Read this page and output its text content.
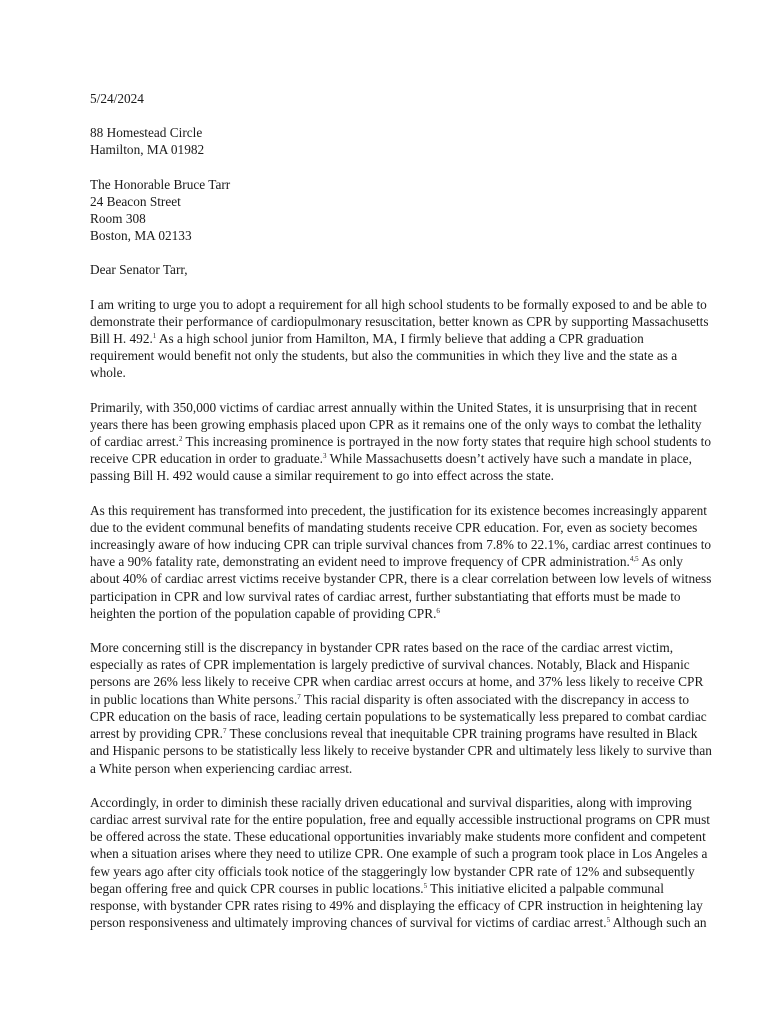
5/24/2024
88 Homestead Circle
Hamilton, MA 01982
The Honorable Bruce Tarr
24 Beacon Street
Room 308
Boston, MA 02133
Dear Senator Tarr,
I am writing to urge you to adopt a requirement for all high school students to be formally exposed to and be able to
demonstrate their performance of cardiopulmonary resuscitation, better known as CPR by supporting Massachusetts
Bill H. 492.$^1$ As a high school junior from Hamilton, MA, I firmly believe that adding a CPR graduation
requirement would benefit not only the students, but also the communities in which they live and the state as a
whole.
Primarily, with 350,000 victims of cardiac arrest annually within the United States, it is unsurprising that in recent
years there has been growing emphasis placed upon CPR as it remains one of the only ways to combat the lethality
of cardiac arrest.$^2$ This increasing prominence is portrayed in the now forty states that require high school students to
receive CPR education in order to graduate.$^3$ While Massachusetts doesn’t actively have such a mandate in place,
passing Bill H. 492 would cause a similar requirement to go into effect across the state.
As this requirement has transformed into precedent, the justification for its existence becomes increasingly apparent
due to the evident communal benefits of mandating students receive CPR education. For, even as society becomes
increasingly aware of how inducing CPR can triple survival chances from 7.8% to 22.1%, cardiac arrest continues to
have a 90% fatality rate, demonstrating an evident need to improve frequency of CPR administration.$^{4,5}$ As only
about 40% of cardiac arrest victims receive bystander CPR, there is a clear correlation between low levels of witness
participation in CPR and low survival rates of cardiac arrest, further substantiating that efforts must be made to
heighten the portion of the population capable of providing CPR.$^6$
More concerning still is the discrepancy in bystander CPR rates based on the race of the cardiac arrest victim,
especially as rates of CPR implementation is largely predictive of survival chances. Notably, Black and Hispanic
persons are 26% less likely to receive CPR when cardiac arrest occurs at home, and 37% less likely to receive CPR
in public locations than White persons.$^7$ This racial disparity is often associated with the discrepancy in access to
CPR education on the basis of race, leading certain populations to be systematically less prepared to combat cardiac
arrest by providing CPR.$^7$ These conclusions reveal that inequitable CPR training programs have resulted in Black
and Hispanic persons to be statistically less likely to receive bystander CPR and ultimately less likely to survive than
a White person when experiencing cardiac arrest.
Accordingly, in order to diminish these racially driven educational and survival disparities, along with improving
cardiac arrest survival rate for the entire population, free and equally accessible instructional programs on CPR must
be offered across the state. These educational opportunities invariably make students more confident and competent
when a situation arises where they need to utilize CPR. One example of such a program took place in Los Angeles a
few years ago after city officials took notice of the staggeringly low bystander CPR rate of 12% and subsequently
began offering free and quick CPR courses in public locations.$^5$ This initiative elicited a palpable communal
response, with bystander CPR rates rising to 49% and displaying the efficacy of CPR instruction in heightening lay
person responsiveness and ultimately improving chances of survival for victims of cardiac arrest.$^5$ Although such an
